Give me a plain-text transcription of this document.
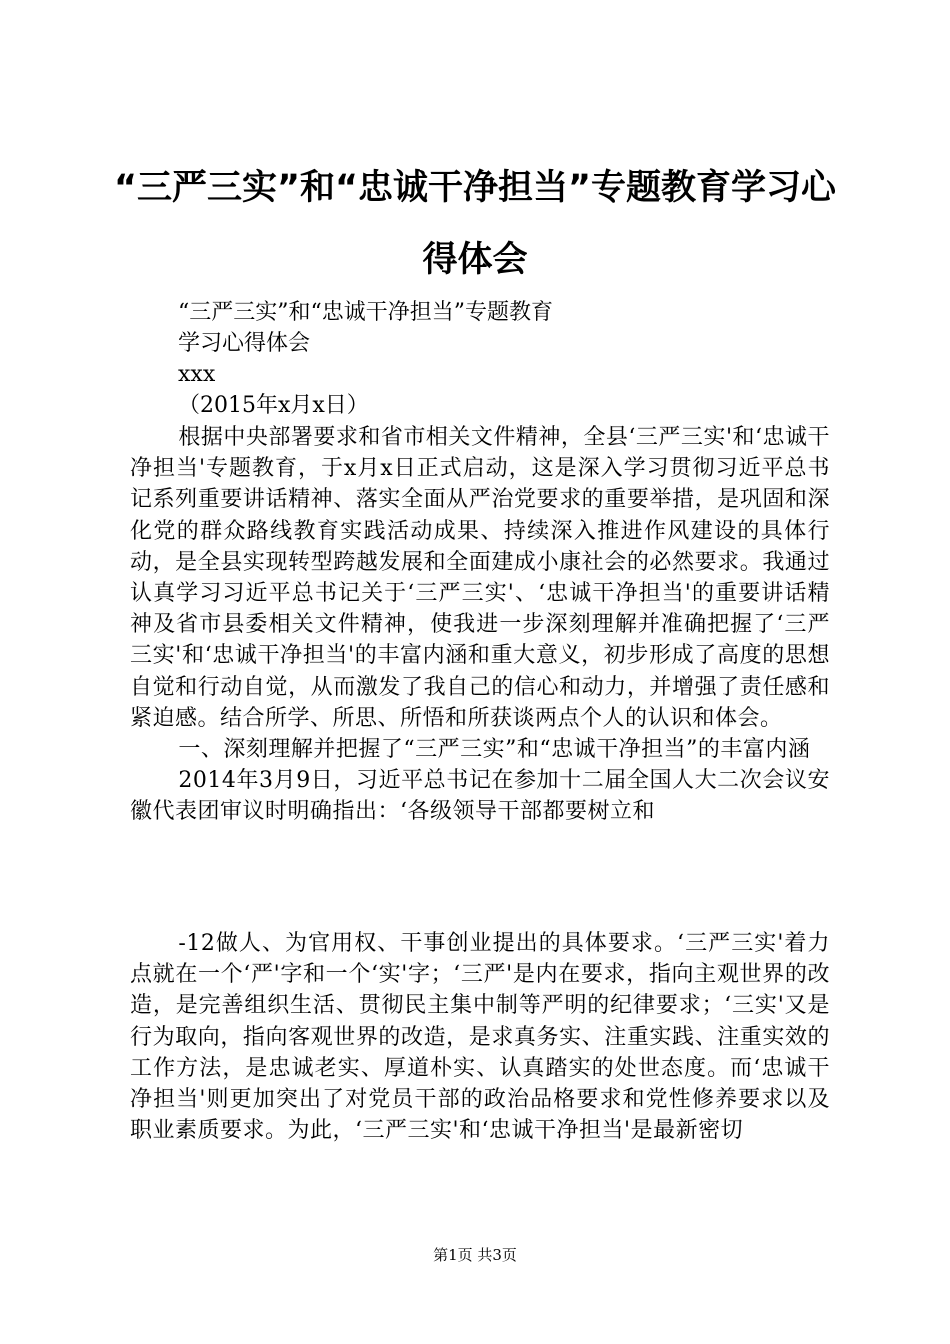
“三严三实”和“忠诚干净担当”专题教育学习心得体会
“三严三实”和“忠诚干净担当”专题教育
学习心得体会
xxx
（2015年x月x日）

根据中央部署要求和省市相关文件精神，全县‘三严三实'和‘忠诚干净担当'专题教育，于x月x日正式启动，这是深入学习贯彻习近平总书记系列重要讲话精神、落实全面从严治党要求的重要举措，是巩固和深化党的群众路线教育实践活动成果、持续深入推进作风建设的具体行动，是全县实现转型跨越发展和全面建成小康社会的必然要求。我通过认真学习习近平总书记关于‘三严三实'、‘忠诚干净担当'的重要讲话精神及省市县委相关文件精神，使我进一步深刻理解并准确把握了‘三严三实'和‘忠诚干净担当'的丰富内涵和重大意义，初步形成了高度的思想自觉和行动自觉，从而激发了我自己的信心和动力，并增强了责任感和紧迫感。结合所学、所思、所悟和所获谈两点个人的认识和体会。

一、深刻理解并把握了“三严三实”和“忠诚干净担当”的丰富内涵

2014年3月9日，习近平总书记在参加十二届全国人大二次会议安徽代表团审议时明确指出：‘各级领导干部都要树立和

-12做人、为官用权、干事创业提出的具体要求。‘三严三实'着力点就在一个‘严'字和一个‘实'字；‘三严'是内在要求，指向主观世界的改造，是完善组织生活、贯彻民主集中制等严明的纪律要求；‘三实'又是行为取向，指向客观世界的改造，是求真务实、注重实践、注重实效的工作方法，是忠诚老实、厚道朴实、认真踏实的处世态度。而‘忠诚干净担当'则更加突出了对党员干部的政治品格要求和党性修养要求以及职业素质要求。为此，‘三严三实'和‘忠诚干净担当'是最新密切

第1页 共3页
